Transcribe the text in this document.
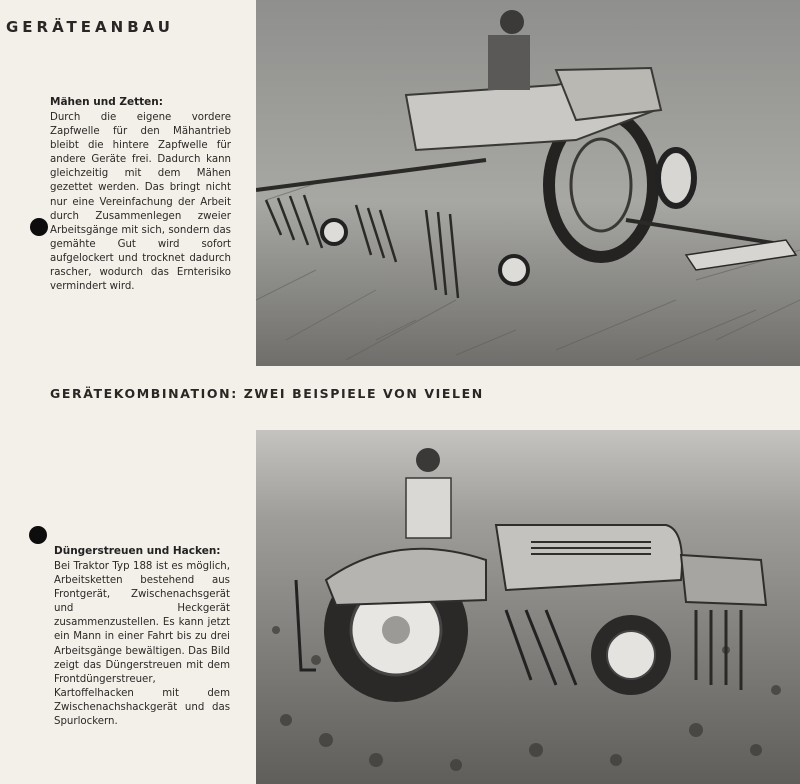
GERÄTEANBAU
Mähen und Zetten:
Durch die eigene vordere Zapfwelle für den Mähantrieb bleibt die hintere Zapfwelle für andere Geräte frei. Dadurch kann gleichzeitig mit dem Mähen gezettet werden. Das bringt nicht nur eine Vereinfachung der Arbeit durch Zusammenlegen zweier Arbeitsgänge mit sich, sondern das gemähte Gut wird sofort aufgelockert und trocknet dadurch rascher, wodurch das Ernterisiko vermindert wird.
GERÄTEKOMBINATION: ZWEI BEISPIELE VON VIELEN
Düngerstreuen und Hacken:
Bei Traktor Typ 188 ist es möglich, Arbeitsketten bestehend aus Frontgerät, Zwischenachsgerät und Heckgerät zusammenzustellen. Es kann jetzt ein Mann in einer Fahrt bis zu drei Arbeitsgänge bewältigen. Das Bild zeigt das Düngerstreuen mit dem Frontdüngerstreuer, Kartoffelhacken mit dem Zwischenachshackgerät und das Spurlockern.
